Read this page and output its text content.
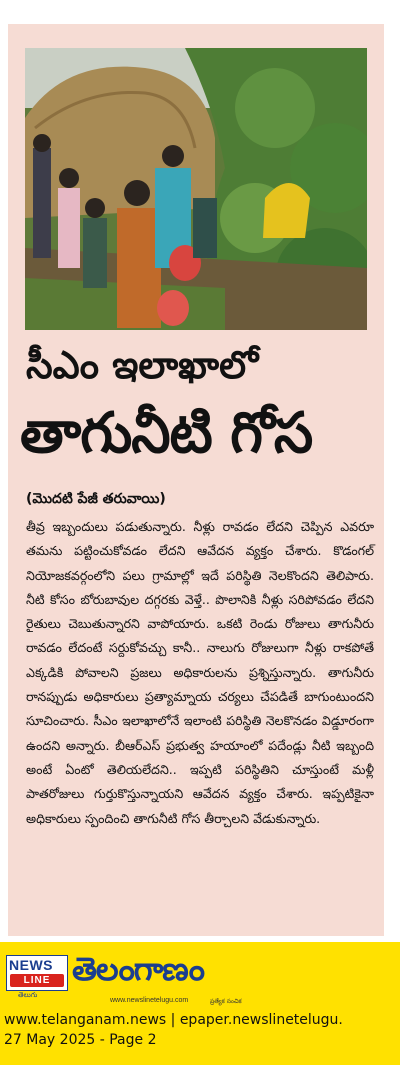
సీఎం ఇలాఖాలో
తాగునీటి గోస
(మొదటి పేజీ తరువాయి)
తీవ్ర ఇబ్బందులు పడుతున్నారు. నీళ్లు రావడం లేదని చెప్పిన ఎవరూ తమను పట్టించుకోవడం లేదని ఆవేదన వ్యక్తం చేశారు. కొడంగల్ నియోజకవర్గంలోని పలు గ్రామాల్లో ఇదే పరిస్థితి నెలకొందని తెలిపారు. నీటి కోసం బోరుబావుల దగ్గరకు వెళ్తే.. పొలానికి నీళ్లు సరిపోవడం లేదని రైతులు చెబుతున్నారని వాపోయారు. ఒకటి రెండు రోజులు తాగునీరు రావడం లేదంటే సర్దుకోవచ్చు కానీ.. నాలుగు రోజులుగా నీళ్లు రాకపోతే ఎక్కడికి పోవాలని ప్రజలు అధికారులను ప్రశ్నిస్తున్నారు. తాగునీరు రానప్పుడు అధికారులు ప్రత్యామ్నాయ చర్యలు చేపడితే బాగుంటుందని సూచించారు. సీఎం ఇలాఖాలోనే ఇలాంటి పరిస్థితి నెలకొనడం విడ్డూరంగా ఉందని అన్నారు. బీఆర్ఎస్ ప్రభుత్వ హయాంలో పదేండ్లు నీటి ఇబ్బంది అంటే ఏంటో తెలియలేదని.. ఇప్పటి పరిస్థితిని చూస్తుంటే మళ్లీ పాతరోజులు గుర్తుకొస్తున్నాయని ఆవేదన వ్యక్తం చేశారు. ఇప్పటికైనా అధికారులు స్పందించి తాగునీటి గోస తీర్చాలని వేడుకున్నారు.
NEWS
LINE
తెలుగు
తెలంగాణం
www.newslinetelugu.com	ప్రత్యేక సంచిక
www.telanganam.news | epaper.newslinetelugu.
27 May 2025 - Page 2
